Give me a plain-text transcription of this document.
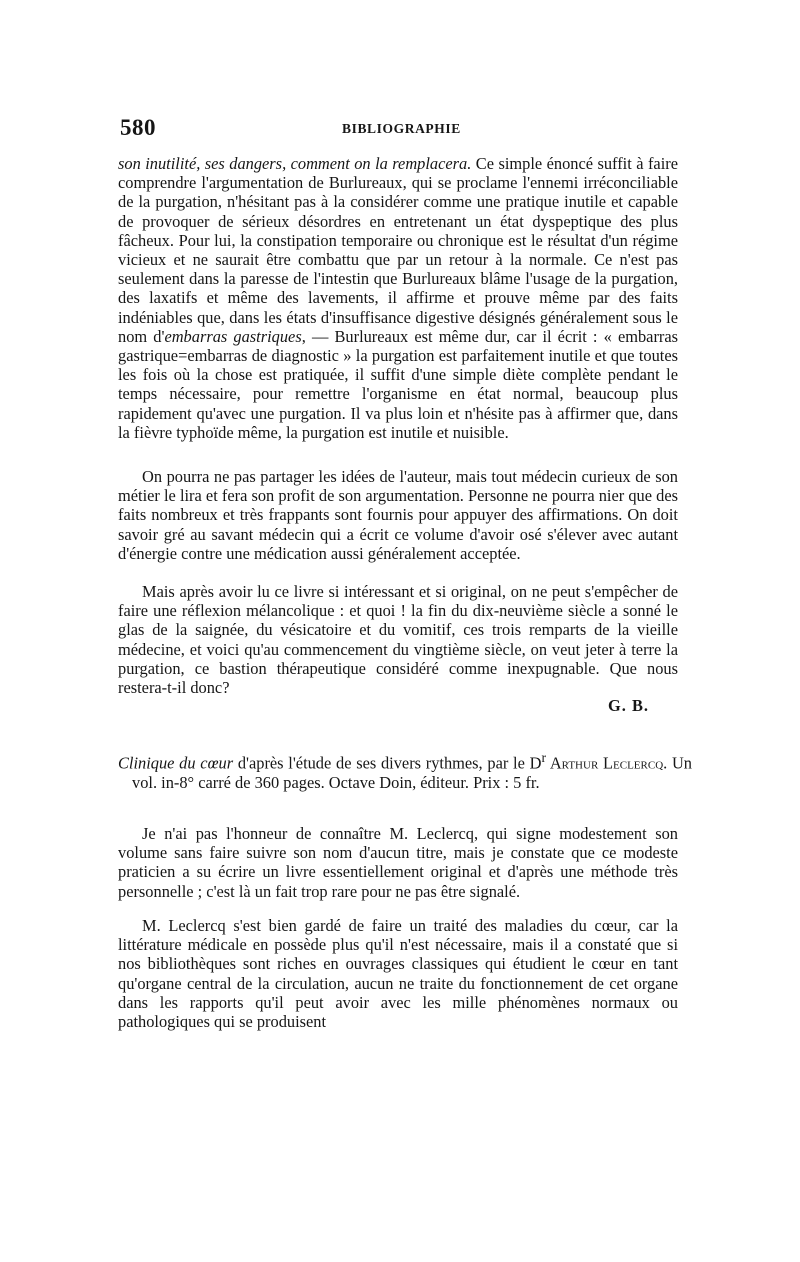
580	BIBLIOGRAPHIE

son inutilité, ses dangers, comment on la remplacera. Ce simple énoncé suffit à faire comprendre l'argumentation de Burlureaux, qui se proclame l'ennemi irréconciliable de la purgation, n'hésitant pas à la considérer comme une pratique inutile et capable de provoquer de sérieux désordres en entretenant un état dyspeptique des plus fâcheux. Pour lui, la constipation temporaire ou chronique est le résultat d'un régime vicieux et ne saurait être combattu que par un retour à la normale. Ce n'est pas seulement dans la paresse de l'intestin que Burlureaux blâme l'usage de la purgation, des laxatifs et même des lavements, il affirme et prouve même par des faits indéniables que, dans les états d'insuffisance digestive désignés généralement sous le nom d'embarras gastriques, — Burlureaux est même dur, car il écrit : « embarras gastrique=embarras de diagnostic » la purgation est parfaitement inutile et que toutes les fois où la chose est pratiquée, il suffit d'une simple diète complète pendant le temps nécessaire, pour remettre l'organisme en état normal, beaucoup plus rapidement qu'avec une purgation. Il va plus loin et n'hésite pas à affirmer que, dans la fièvre typhoïde même, la purgation est inutile et nuisible.

On pourra ne pas partager les idées de l'auteur, mais tout médecin curieux de son métier le lira et fera son profit de son argumentation. Personne ne pourra nier que des faits nombreux et très frappants sont fournis pour appuyer des affirmations. On doit savoir gré au savant médecin qui a écrit ce volume d'avoir osé s'élever avec autant d'énergie contre une médication aussi généralement acceptée.

Mais après avoir lu ce livre si intéressant et si original, on ne peut s'empêcher de faire une réflexion mélancolique : et quoi ! la fin du dix-neuvième siècle a sonné le glas de la saignée, du vésicatoire et du vomitif, ces trois remparts de la vieille médecine, et voici qu'au commencement du vingtième siècle, on veut jeter à terre la purgation, ce bastion thérapeutique considéré comme inexpugnable. Que nous restera-t-il donc?

G. B.
Clinique du cœur d'après l'étude de ses divers rythmes, par le $D^r$ Arthur Leclercq. Un vol. in-8° carré de 360 pages. Octave Doin, éditeur. Prix : 5 fr.

Je n'ai pas l'honneur de connaître M. Leclercq, qui signe modestement son volume sans faire suivre son nom d'aucun titre, mais je constate que ce modeste praticien a su écrire un livre essentiellement original et d'après une méthode très personnelle ; c'est là un fait trop rare pour ne pas être signalé.

M. Leclercq s'est bien gardé de faire un traité des maladies du cœur, car la littérature médicale en possède plus qu'il n'est nécessaire, mais il a constaté que si nos bibliothèques sont riches en ouvrages classiques qui étudient le cœur en tant qu'organe central de la circulation, aucun ne traite du fonctionnement de cet organe dans les rapports qu'il peut avoir avec les mille phénomènes normaux ou pathologiques qui se produisent
